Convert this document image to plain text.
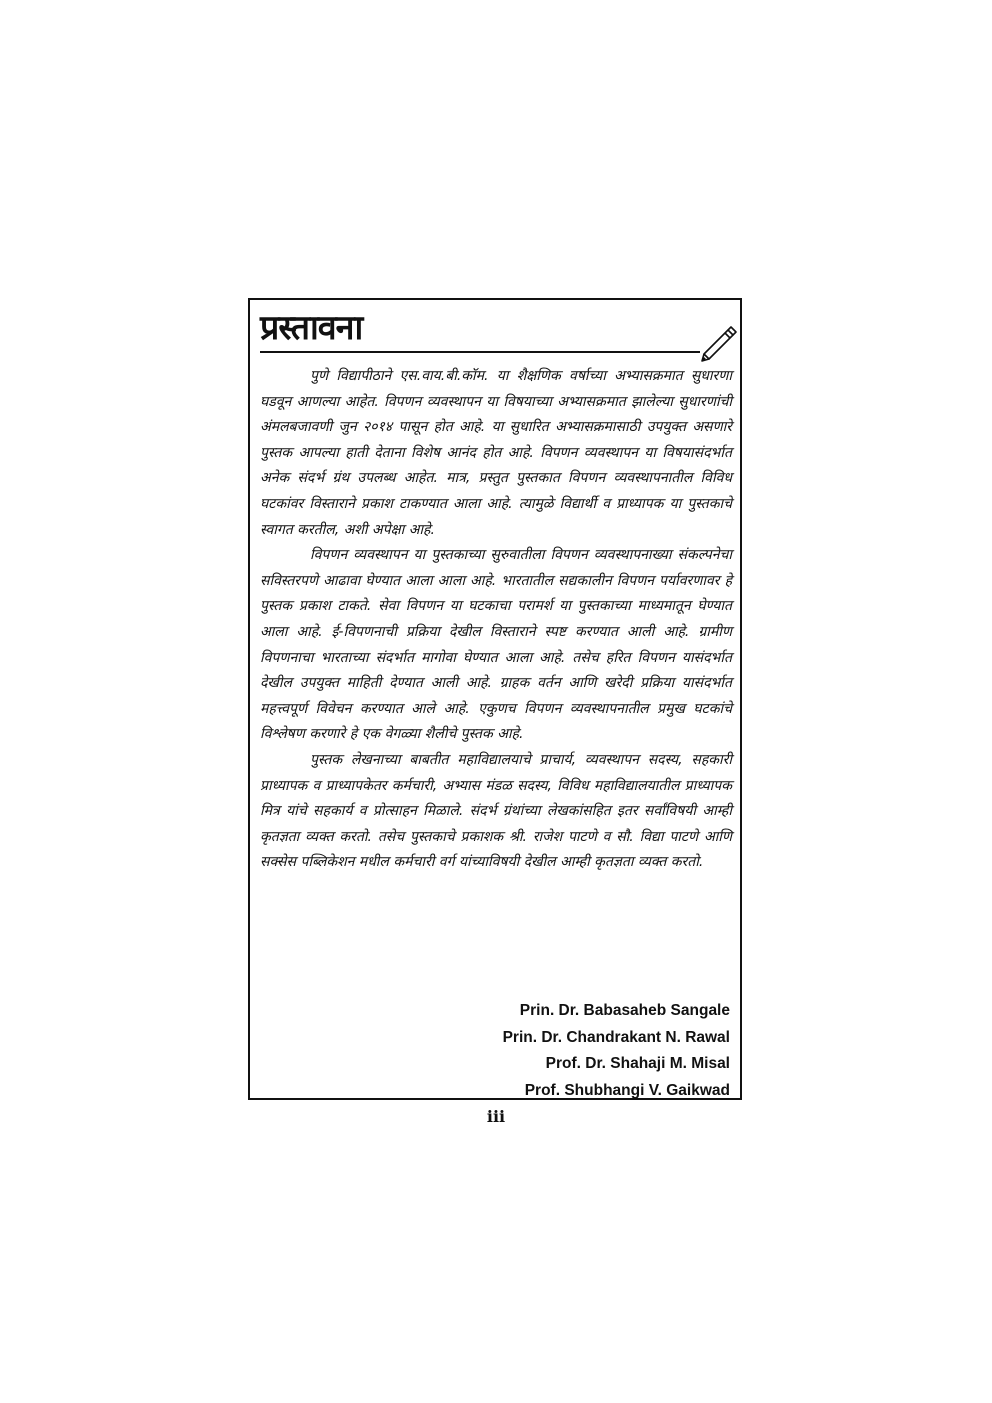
प्रस्तावना

पुणे विद्यापीठाने एस.वाय.बी.कॉम. या शैक्षणिक वर्षाच्या अभ्यासक्रमात सुधारणा घडवून आणल्या आहेत. विपणन व्यवस्थापन या विषयाच्या अभ्यासक्रमात झालेल्या सुधारणांची अंमलबजावणी जुन २०१४ पासून होत आहे. या सुधारित अभ्यासक्रमासाठी उपयुक्त असणारे पुस्तक आपल्या हाती देताना विशेष आनंद होत आहे. विपणन व्यवस्थापन या विषयासंदर्भात अनेक संदर्भ ग्रंथ उपलब्ध आहेत. मात्र, प्रस्तुत पुस्तकात विपणन व्यवस्थापनातील विविध घटकांवर विस्ताराने प्रकाश टाकण्यात आला आहे. त्यामुळे विद्यार्थी व प्राध्यापक या पुस्तकाचे स्वागत करतील, अशी अपेक्षा आहे.

विपणन व्यवस्थापन या पुस्तकाच्या सुरुवातीला विपणन व्यवस्थापनाख्या संकल्पनेचा सविस्तरपणे आढावा घेण्यात आला आला आहे. भारतातील सद्यकालीन विपणन पर्यावरणावर हे पुस्तक प्रकाश टाकते. सेवा विपणन या घटकाचा परामर्श या पुस्तकाच्या माध्यमातून घेण्यात आला आहे. ई-विपणनाची प्रक्रिया देखील विस्ताराने स्पष्ट करण्यात आली आहे. ग्रामीण विपणनाचा भारताच्या संदर्भात मागोवा घेण्यात आला आहे. तसेच हरित विपणन यासंदर्भात देखील उपयुक्त माहिती देण्यात आली आहे. ग्राहक वर्तन आणि खरेदी प्रक्रिया यासंदर्भात महत्त्वपूर्ण विवेचन करण्यात आले आहे. एकुणच विपणन व्यवस्थापनातील प्रमुख घटकांचे विश्लेषण करणारे हे एक वेगळ्या शैलीचे पुस्तक आहे.

पुस्तक लेखनाच्या बाबतीत महाविद्यालयाचे प्राचार्य, व्यवस्थापन सदस्य, सहकारी प्राध्यापक व प्राध्यापकेतर कर्मचारी, अभ्यास मंडळ सदस्य, विविध महाविद्यालयातील प्राध्यापक मित्र यांचे सहकार्य व प्रोत्साहन मिळाले. संदर्भ ग्रंथांच्या लेखकांसहित इतर सर्वांविषयी आम्ही कृतज्ञता व्यक्त करतो. तसेच पुस्तकाचे प्रकाशक श्री. राजेश पाटणे व सौ. विद्या पाटणे आणि सक्सेस पब्लिकेशन मधील कर्मचारी वर्ग यांच्याविषयी देखील आम्ही कृतज्ञता व्यक्त करतो.

Prin. Dr. Babasaheb Sangale
Prin. Dr. Chandrakant N. Rawal
Prof. Dr. Shahaji M. Misal
Prof. Shubhangi V. Gaikwad
iii
